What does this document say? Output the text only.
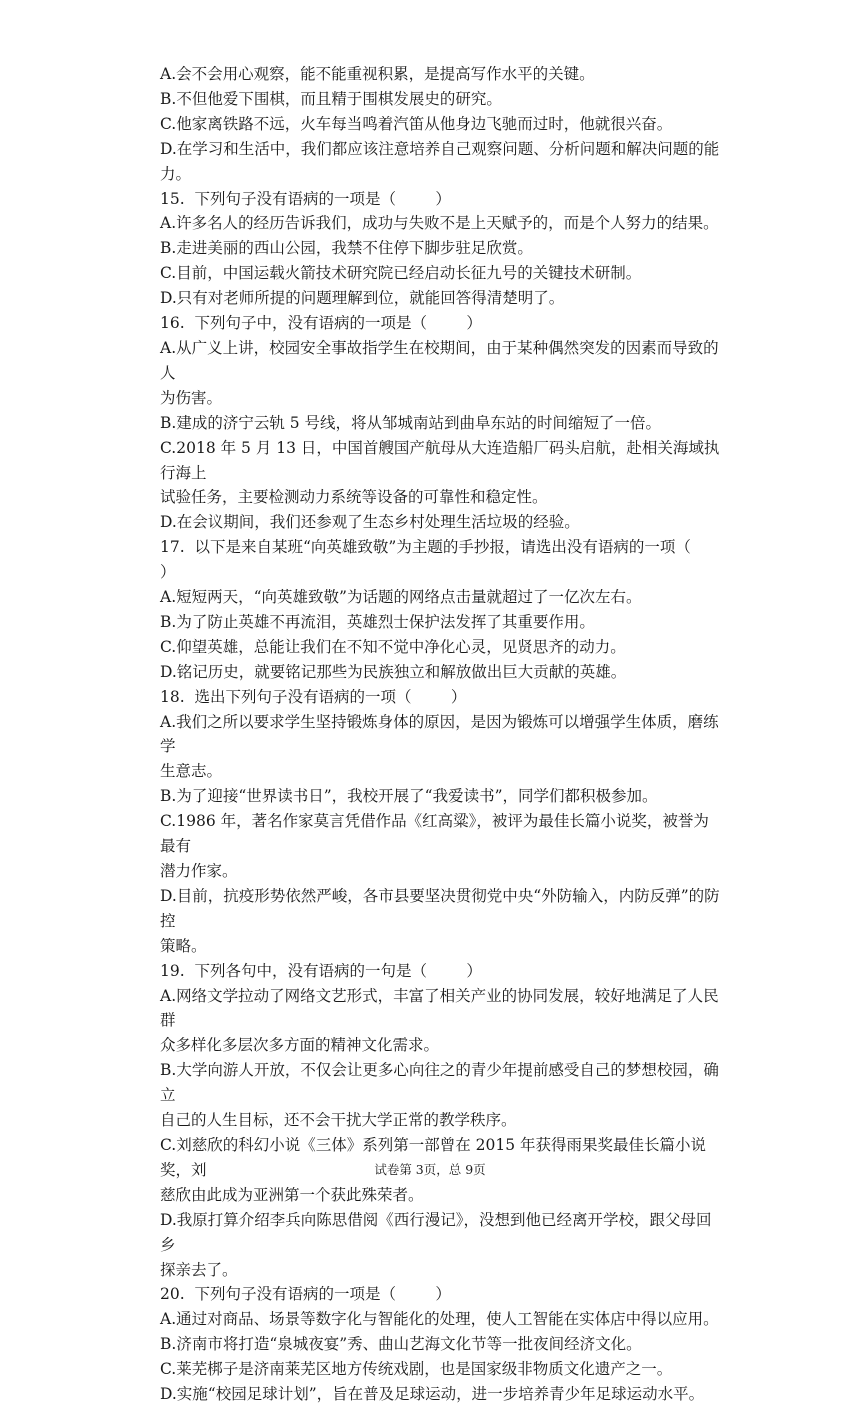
A.会不会用心观察，能不能重视积累，是提高写作水平的关键。
B.不但他爱下围棋，而且精于围棋发展史的研究。
C.他家离铁路不远，火车每当鸣着汽笛从他身边飞驰而过时，他就很兴奋。
D.在学习和生活中，我们都应该注意培养自己观察问题、分析问题和解决问题的能
力。
15.  下列句子没有语病的一项是（        ）
A.许多名人的经历告诉我们，成功与失败不是上天赋予的，而是个人努力的结果。
B.走进美丽的西山公园，我禁不住停下脚步驻足欣赏。
C.目前，中国运载火箭技术研究院已经启动长征九号的关键技术研制。
D.只有对老师所提的问题理解到位，就能回答得清楚明了。
16.  下列句子中，没有语病的一项是（        ）
A.从广义上讲，校园安全事故指学生在校期间，由于某种偶然突发的因素而导致的人
为伤害。
B.建成的济宁云轨 5 号线，将从邹城南站到曲阜东站的时间缩短了一倍。
C.2018 年 5 月 13 日，中国首艘国产航母从大连造船厂码头启航，赴相关海域执行海上
试验任务，主要检测动力系统等设备的可靠性和稳定性。
D.在会议期间，我们还参观了生态乡村处理生活垃圾的经验。
17.  以下是来自某班“向英雄致敬”为主题的手抄报，请选出没有语病的一项（        ）
A.短短两天，“向英雄致敬”为话题的网络点击量就超过了一亿次左右。
B.为了防止英雄不再流泪，英雄烈士保护法发挥了其重要作用。
C.仰望英雄，总能让我们在不知不觉中净化心灵，见贤思齐的动力。
D.铭记历史，就要铭记那些为民族独立和解放做出巨大贡献的英雄。
18.  选出下列句子没有语病的一项（        ）
A.我们之所以要求学生坚持锻炼身体的原因，是因为锻炼可以增强学生体质，磨练学
生意志。
B.为了迎接“世界读书日”，我校开展了“我爱读书”，同学们都积极参加。
C.1986 年，著名作家莫言凭借作品《红高粱》，被评为最佳长篇小说奖，被誉为最有
潜力作家。
D.目前，抗疫形势依然严峻，各市县要坚决贯彻党中央“外防输入，内防反弹”的防控
策略。
19.  下列各句中，没有语病的一句是（        ）
A.网络文学拉动了网络文艺形式，丰富了相关产业的协同发展，较好地满足了人民群
众多样化多层次多方面的精神文化需求。
B.大学向游人开放，不仅会让更多心向往之的青少年提前感受自己的梦想校园，确立
自己的人生目标，还不会干扰大学正常的教学秩序。
C.刘慈欣的科幻小说《三体》系列第一部曾在 2015 年获得雨果奖最佳长篇小说奖，刘
慈欣由此成为亚洲第一个获此殊荣者。
D.我原打算介绍李兵向陈思借阅《西行漫记》，没想到他已经离开学校，跟父母回乡
探亲去了。
20.  下列句子没有语病的一项是（        ）
A.通过对商品、场景等数字化与智能化的处理，使人工智能在实体店中得以应用。
B.济南市将打造“泉城夜宴”秀、曲山艺海文化节等一批夜间经济文化。
C.莱芜梆子是济南莱芜区地方传统戏剧，也是国家级非物质文化遗产之一。
D.实施“校园足球计划”，旨在普及足球运动，进一步培养青少年足球运动水平。
试卷第 3页，总 9页
